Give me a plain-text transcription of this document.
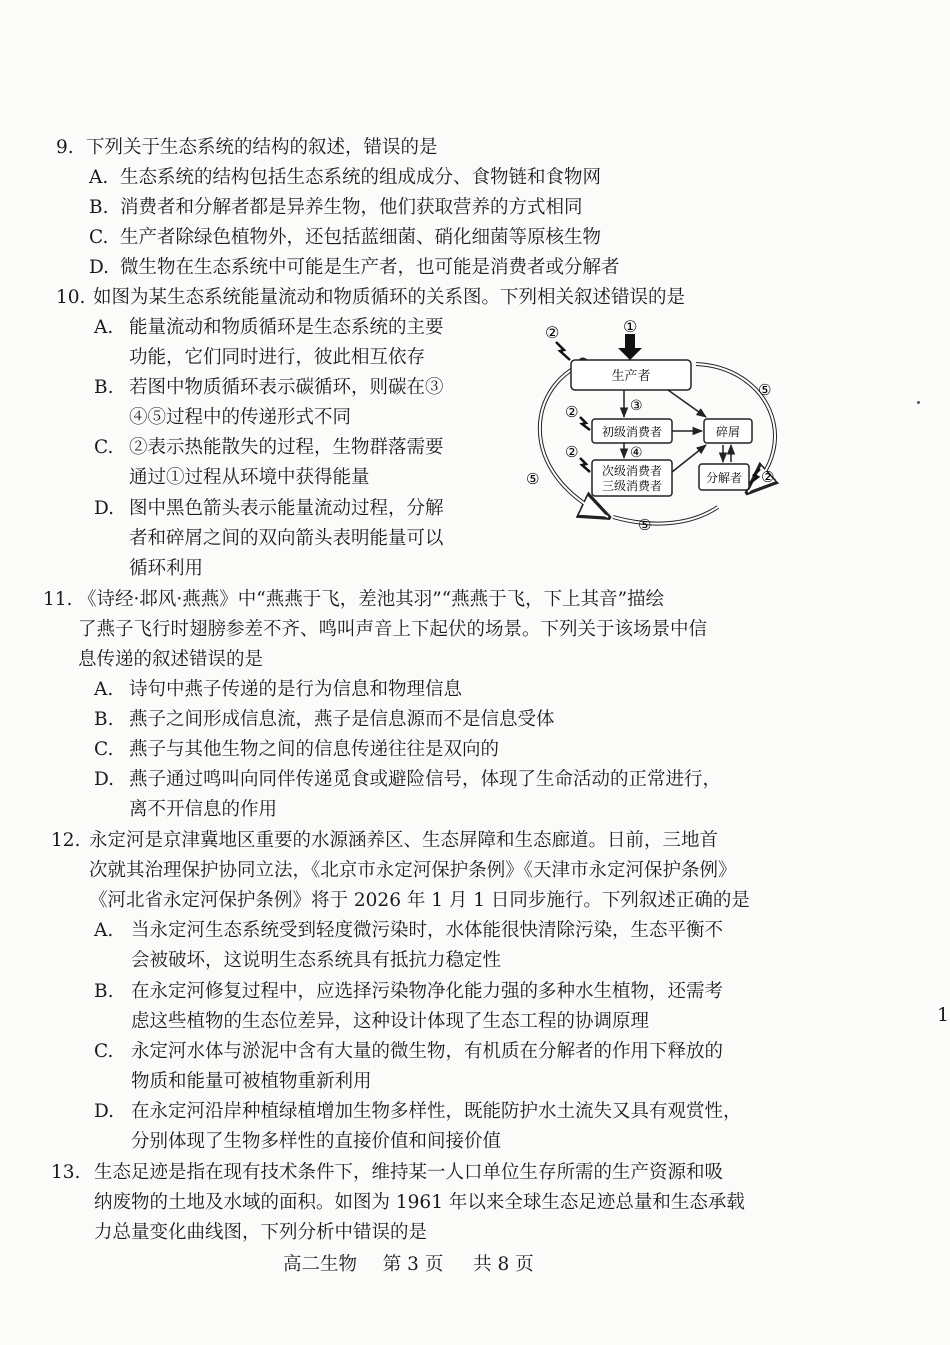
9. 下列关于生态系统的结构的叙述，错误的是
A. 生态系统的结构包括生态系统的组成成分、食物链和食物网
B. 消费者和分解者都是异养生物，他们获取营养的方式相同
C. 生产者除绿色植物外，还包括蓝细菌、硝化细菌等原核生物
D. 微生物在生态系统中可能是生产者，也可能是消费者或分解者
10. 如图为某生态系统能量流动和物质循环的关系图。下列相关叙述错误的是
A. 能量流动和物质循环是生态系统的主要
功能，它们同时进行，彼此相互依存
B. 若图中物质循环表示碳循环，则碳在③
④⑤过程中的传递形式不同
C. ②表示热能散失的过程，生物群落需要
通过①过程从环境中获得能量
D. 图中黑色箭头表示能量流动过程，分解
者和碎屑之间的双向箭头表明能量可以
循环利用
生产者
初级消费者
次级消费者
三级消费者
碎屑
分解者
①
②
②
②
②
③
④
⑤
⑤
⑤
11. 《诗经·邶风·燕燕》中“燕燕于飞，差池其羽”“燕燕于飞，下上其音”描绘
了燕子飞行时翅膀参差不齐、鸣叫声音上下起伏的场景。下列关于该场景中信
息传递的叙述错误的是
A. 诗句中燕子传递的是行为信息和物理信息
B. 燕子之间形成信息流，燕子是信息源而不是信息受体
C. 燕子与其他生物之间的信息传递往往是双向的
D. 燕子通过鸣叫向同伴传递觅食或避险信号，体现了生命活动的正常进行，
离不开信息的作用
12. 永定河是京津冀地区重要的水源涵养区、生态屏障和生态廊道。日前，三地首
次就其治理保护协同立法，《北京市永定河保护条例》《天津市永定河保护条例》
《河北省永定河保护条例》将于 2026 年 1 月 1 日同步施行。下列叙述正确的是
A. 当永定河生态系统受到轻度微污染时，水体能很快清除污染，生态平衡不
会被破坏，这说明生态系统具有抵抗力稳定性
B. 在永定河修复过程中，应选择污染物净化能力强的多种水生植物，还需考
虑这些植物的生态位差异，这种设计体现了生态工程的协调原理
C. 永定河水体与淤泥中含有大量的微生物，有机质在分解者的作用下释放的
物质和能量可被植物重新利用
D. 在永定河沿岸种植绿植增加生物多样性，既能防护水土流失又具有观赏性，
分别体现了生物多样性的直接价值和间接价值
13. 生态足迹是指在现有技术条件下，维持某一人口单位生存所需的生产资源和吸
纳废物的土地及水域的面积。如图为 1961 年以来全球生态足迹总量和生态承载
力总量变化曲线图，下列分析中错误的是
高二生物 第 3 页 共 8 页
1
